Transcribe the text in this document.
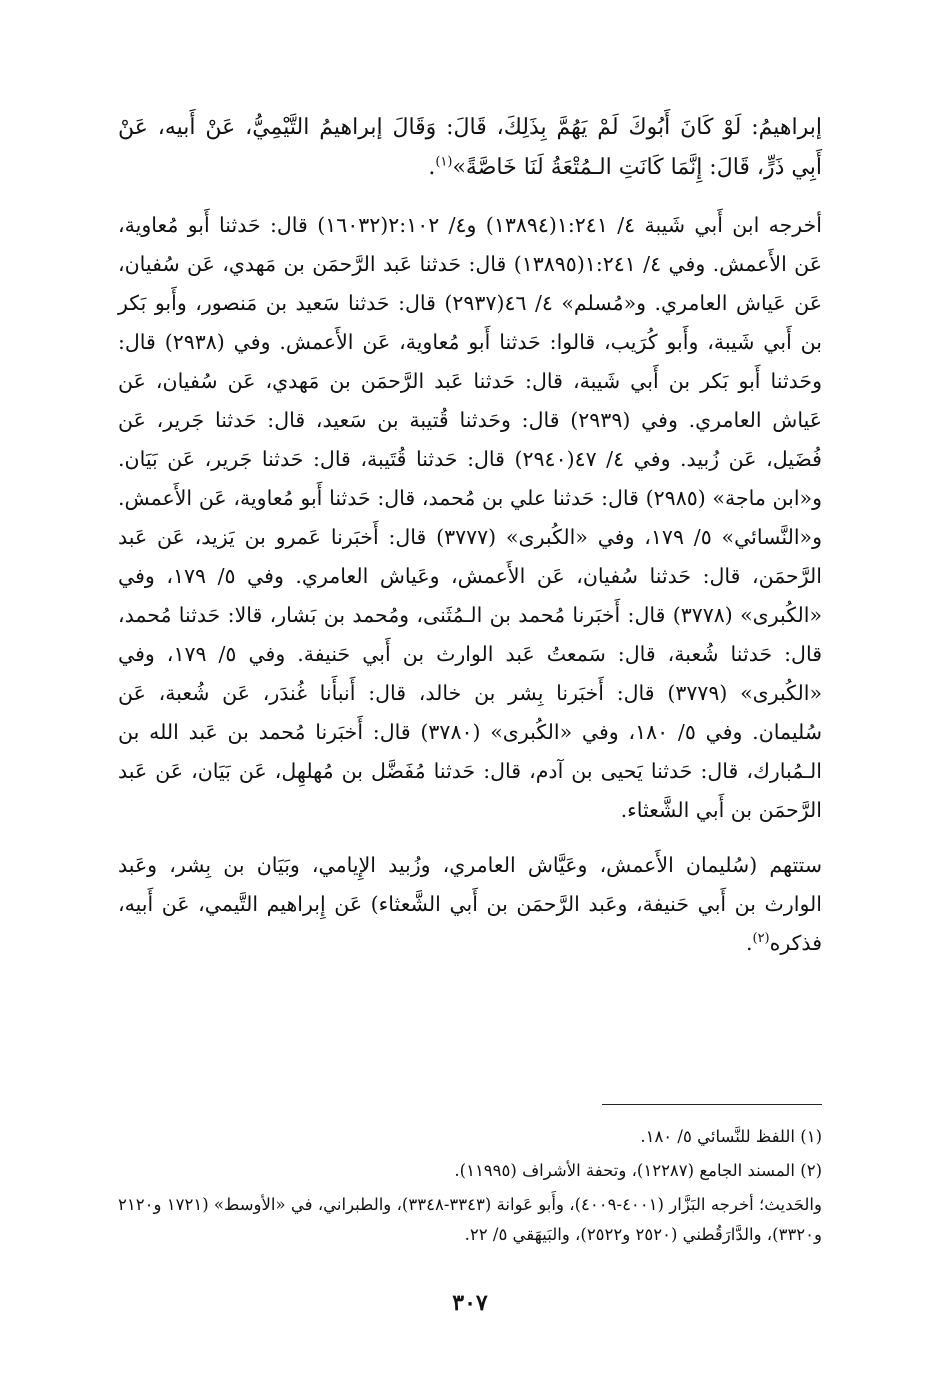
إبراهيمُ: لَوْ كَانَ أَبُوكَ لَمْ يَهُمَّ بِذَلِكَ، قَالَ: وَقَالَ إبراهيمُ التَّيْمِيُّ، عَنْ أَبيه، عَنْ أَبِي ذَرٍّ، قَالَ: إِنَّمَا كَانَتِ الـمُتْعَةُ لَنَا خَاصَّةً»$^{(١)}$.

أخرجه ابن أَبي شَيبة ٤/ ١:٢٤١(١٣٨٩٤) و٤/ ٢:١٠٢(١٦٠٣٢) قال: حَدثنا أَبو مُعاوية، عَن الأَعمش. وفي ٤/ ١:٢٤١(١٣٨٩٥) قال: حَدثنا عَبد الرَّحمَن بن مَهدي، عَن سُفيان، عَن عَياش العامري. و«مُسلم» ٤/ ٤٦(٢٩٣٧) قال: حَدثنا سَعيد بن مَنصور، وأَبو بَكر بن أَبي شَيبة، وأَبو كُرَيب، قالوا: حَدثنا أَبو مُعاوية، عَن الأَعمش. وفي (٢٩٣٨) قال: وحَدثنا أَبو بَكر بن أَبي شَيبة، قال: حَدثنا عَبد الرَّحمَن بن مَهدي، عَن سُفيان، عَن عَياش العامري. وفي (٢٩٣٩) قال: وحَدثنا قُتيبة بن سَعيد، قال: حَدثنا جَرير، عَن فُضَيل، عَن زُبيد. وفي ٤/ ٤٧(٢٩٤٠) قال: حَدثنا قُتَيبة، قال: حَدثنا جَرير، عَن بَيَان. و«ابن ماجة» (٢٩٨٥) قال: حَدثنا علي بن مُحمد، قال: حَدثنا أَبو مُعاوية، عَن الأَعمش. و«النَّسائي» ٥/ ١٧٩، وفي «الكُبرى» (٣٧٧٧) قال: أَخبَرنا عَمرو بن يَزيد، عَن عَبد الرَّحمَن، قال: حَدثنا سُفيان، عَن الأَعمش، وعَياش العامري. وفي ٥/ ١٧٩، وفي «الكُبرى» (٣٧٧٨) قال: أَخبَرنا مُحمد بن الـمُثَنى، ومُحمد بن بَشار، قالا: حَدثنا مُحمد، قال: حَدثنا شُعبة، قال: سَمعتُ عَبد الوارث بن أَبي حَنيفة. وفي ٥/ ١٧٩، وفي «الكُبرى» (٣٧٧٩) قال: أَخبَرنا بِشر بن خالد، قال: أَنبأَنا غُندَر، عَن شُعبة، عَن سُليمان. وفي ٥/ ١٨٠، وفي «الكُبرى» (٣٧٨٠) قال: أَخبَرنا مُحمد بن عَبد الله بن الـمُبارك، قال: حَدثنا يَحيى بن آدم، قال: حَدثنا مُفَضَّل بن مُهلهِل، عَن بَيَان، عَن عَبد الرَّحمَن بن أَبي الشَّعثاء.

ستتهم (سُليمان الأَعمش، وعَيَّاش العامري، وزُبيد الإِيامي، وبَيَان بن بِشر، وعَبد الوارث بن أَبي حَنيفة، وعَبد الرَّحمَن بن أَبي الشَّعثاء) عَن إِبراهيم التَّيمي، عَن أَبيه، فذكره$^{(٢)}$.

(١) اللفظ للنَّسائي ٥/ ١٨٠.

(٢) المسند الجامع (١٢٢٨٧)، وتحفة الأشراف (١١٩٩٥).

والحَديث؛ أخرجه البَزَّار (٤٠٠١-٤٠٠٩)، وأَبو عَوانة (٣٣٤٣-٣٣٤٨)، والطبراني، في «الأوسط» (١٧٢١ و٢١٢٠ و٣٣٢٠)، والدَّارَقُطني (٢٥٢٠ و٢٥٢٢)، والبَيهَقي ٥/ ٢٢.

٣٠٧
